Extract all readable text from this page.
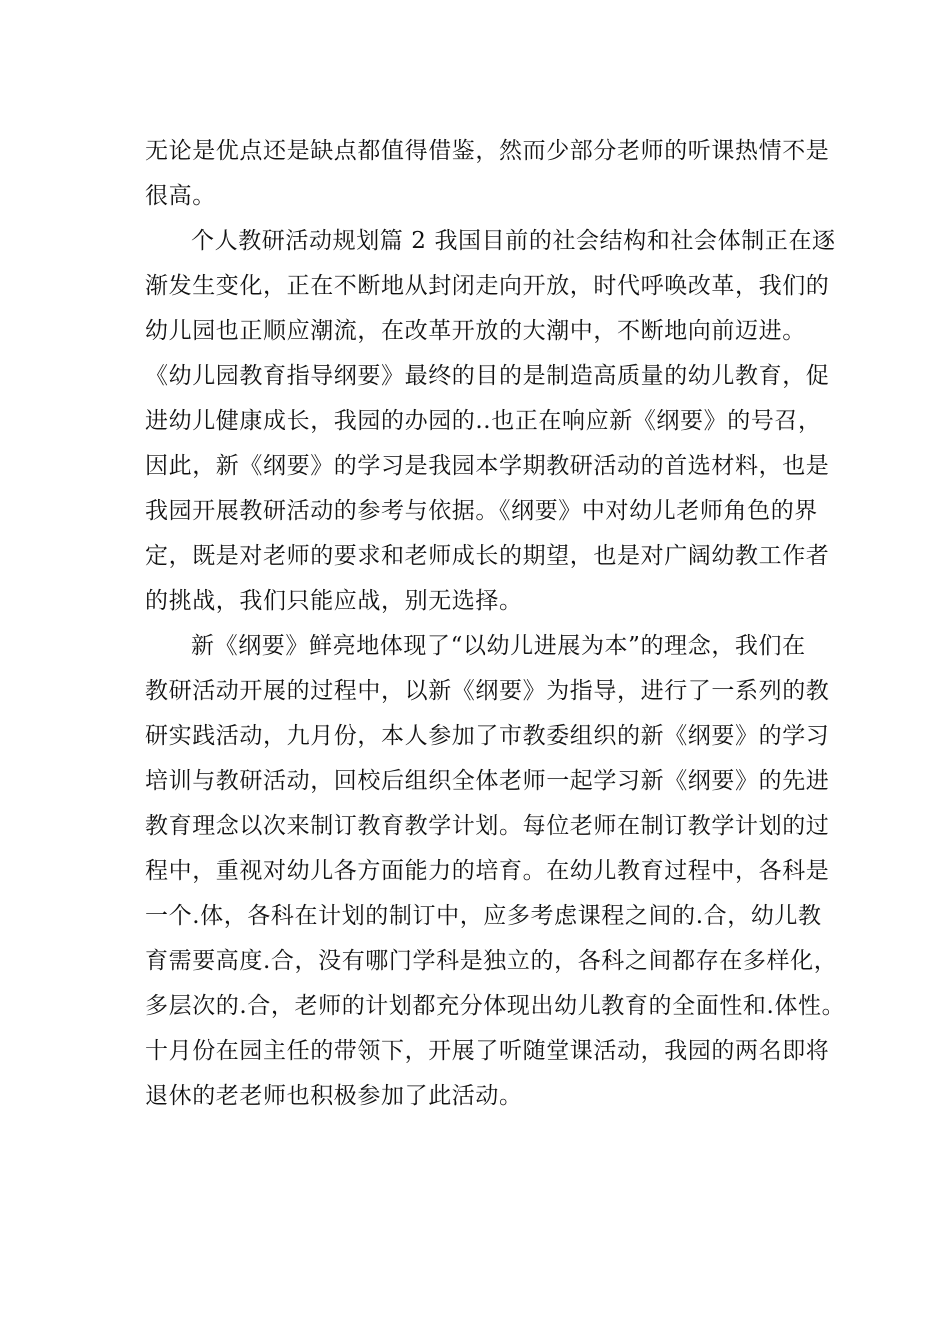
无论是优点还是缺点都值得借鉴，然而少部分老师的听课热情不是
很高。
个人教研活动规划篇 2 我国目前的社会结构和社会体制正在逐
渐发生变化，正在不断地从封闭走向开放，时代呼唤改革，我们的
幼儿园也正顺应潮流，在改革开放的大潮中，不断地向前迈进。
《幼儿园教育指导纲要》最终的目的是制造高质量的幼儿教育，促
进幼儿健康成长，我园的办园的..也正在响应新《纲要》的号召，
因此，新《纲要》的学习是我园本学期教研活动的首选材料，也是
我园开展教研活动的参考与依据。《纲要》中对幼儿老师角色的界
定，既是对老师的要求和老师成长的期望，也是对广阔幼教工作者
的挑战，我们只能应战，别无选择。
新《纲要》鲜亮地体现了“以幼儿进展为本”的理念，我们在
教研活动开展的过程中，以新《纲要》为指导，进行了一系列的教
研实践活动，九月份，本人参加了市教委组织的新《纲要》的学习
培训与教研活动，回校后组织全体老师一起学习新《纲要》的先进
教育理念以次来制订教育教学计划。每位老师在制订教学计划的过
程中，重视对幼儿各方面能力的培育。在幼儿教育过程中，各科是
一个.体，各科在计划的制订中，应多考虑课程之间的.合，幼儿教
育需要高度.合，没有哪门学科是独立的，各科之间都存在多样化，
多层次的.合，老师的计划都充分体现出幼儿教育的全面性和.体性。
十月份在园主任的带领下，开展了听随堂课活动，我园的两名即将
退休的老老师也积极参加了此活动。
